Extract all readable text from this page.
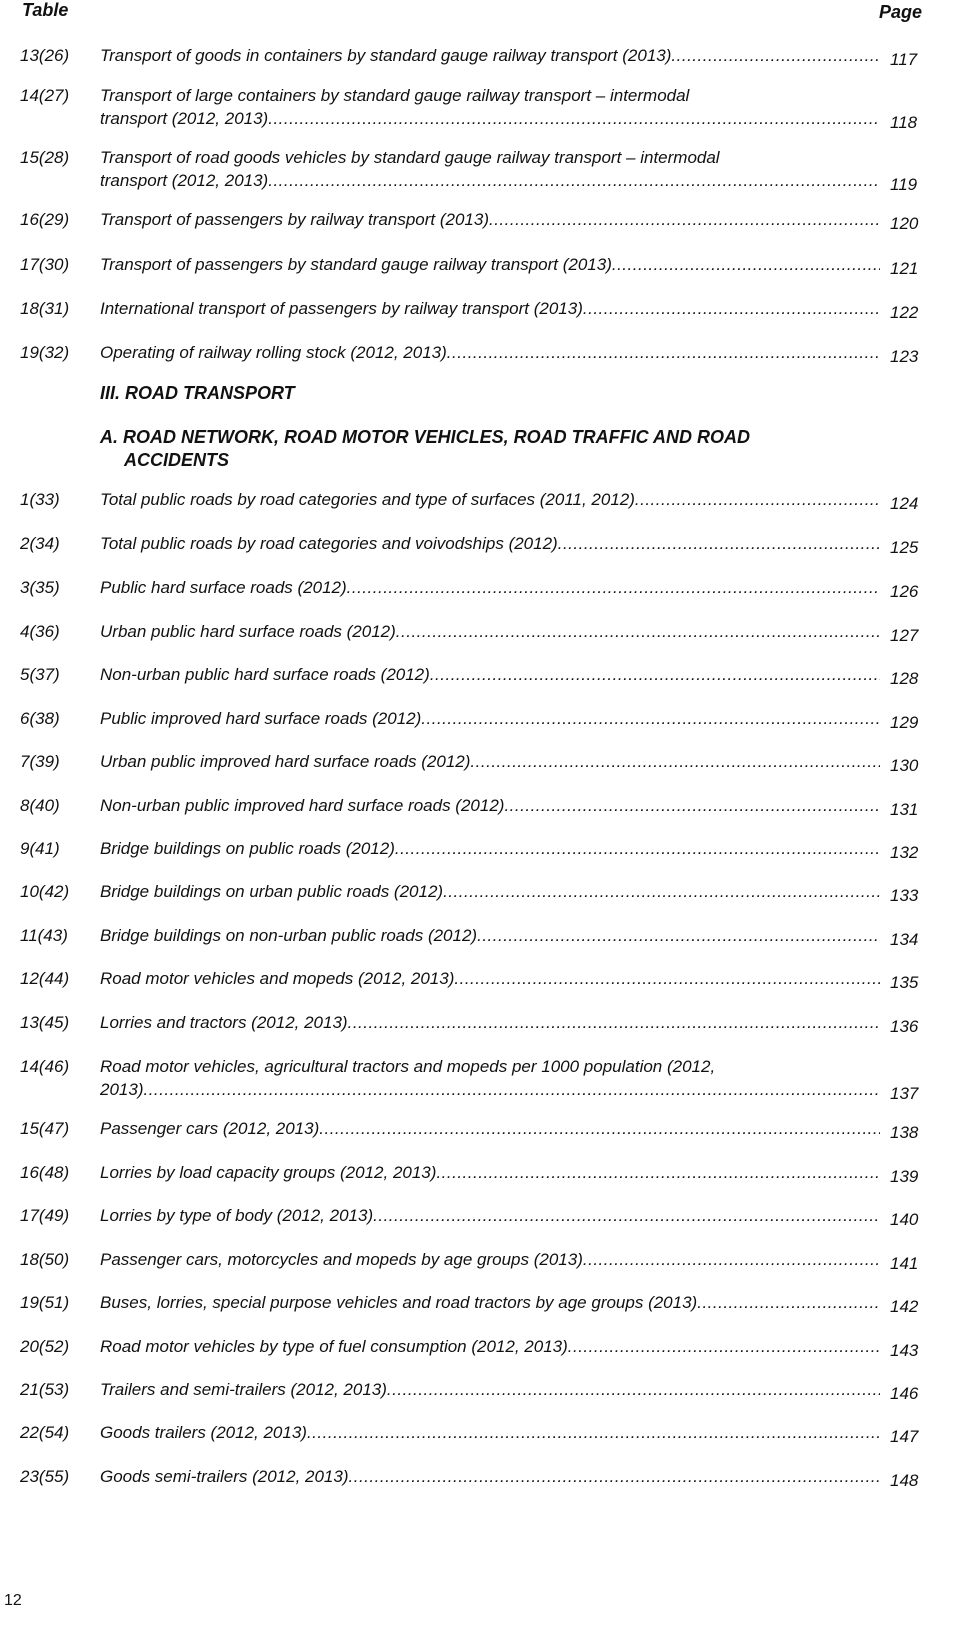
Table	Page
13(26) Transport of goods in containers by standard gauge railway transport (2013) .....	117
14(27) Transport of large containers by standard gauge railway transport – intermodal
transport (2012, 2013) .....	118
15(28) Transport of road goods vehicles by standard gauge railway transport – intermodal
transport (2012, 2013) .....	119
16(29) Transport of passengers by railway transport (2013) .....	120
17(30) Transport of passengers by standard gauge railway transport (2013) .....	121
18(31) International transport of passengers by railway transport (2013) .....	122
19(32) Operating of railway rolling stock (2012, 2013) .....	123
III. ROAD TRANSPORT
A. ROAD NETWORK, ROAD MOTOR VEHICLES, ROAD TRAFFIC AND ROAD
ACCIDENTS
1(33) Total public roads by road categories and type of surfaces (2011, 2012) .....	124
2(34) Total public roads by road categories and voivodships (2012) .....	125
3(35) Public hard surface roads (2012) .....	126
4(36) Urban public hard surface roads (2012) .....	127
5(37) Non-urban public hard surface roads (2012) .....	128
6(38) Public improved hard surface roads (2012) .....	129
7(39) Urban public improved hard surface roads (2012) .....	130
8(40) Non-urban public improved hard surface roads (2012) .....	131
9(41) Bridge buildings on public roads (2012) .....	132
10(42) Bridge buildings on urban public roads (2012) .....	133
11(43) Bridge buildings on non-urban public roads (2012) .....	134
12(44) Road motor vehicles and mopeds (2012, 2013) .....	135
13(45) Lorries and tractors (2012, 2013) .....	136
14(46) Road motor vehicles, agricultural tractors and mopeds per 1000 population (2012,
2013) .....	137
15(47) Passenger cars (2012, 2013) .....	138
16(48) Lorries by load capacity groups (2012, 2013) .....	139
17(49) Lorries by type of body (2012, 2013) .....	140
18(50) Passenger cars, motorcycles and mopeds by age groups (2013) .....	141
19(51) Buses, lorries, special purpose vehicles and road tractors by age groups (2013) .....	142
20(52) Road motor vehicles by type of fuel consumption (2012, 2013) .....	143
21(53) Trailers and semi-trailers (2012, 2013) .....	146
22(54) Goods trailers (2012, 2013) .....	147
23(55) Goods semi-trailers (2012, 2013) .....	148
12
